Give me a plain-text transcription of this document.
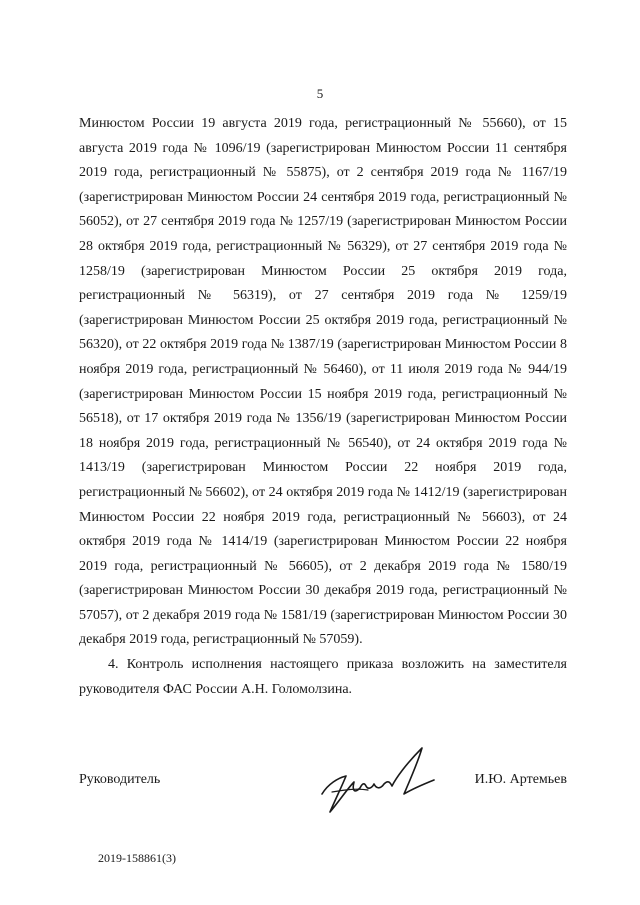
5

Минюстом России 19 августа 2019 года, регистрационный № 55660), от 15 августа 2019 года № 1096/19 (зарегистрирован Минюстом России 11 сентября 2019 года, регистрационный № 55875), от 2 сентября 2019 года № 1167/19 (зарегистрирован Минюстом России 24 сентября 2019 года, регистрационный № 56052), от 27 сентября 2019 года № 1257/19 (зарегистрирован Минюстом России 28 октября 2019 года, регистрационный № 56329), от 27 сентября 2019 года № 1258/19 (зарегистрирован Минюстом России 25 октября 2019 года, регистрационный № 56319), от 27 сентября 2019 года № 1259/19 (зарегистрирован Минюстом России 25 октября 2019 года, регистрационный № 56320), от 22 октября 2019 года № 1387/19 (зарегистрирован Минюстом России 8 ноября 2019 года, регистрационный № 56460), от 11 июля 2019 года № 944/19 (зарегистрирован Минюстом России 15 ноября 2019 года, регистрационный № 56518), от 17 октября 2019 года № 1356/19 (зарегистрирован Минюстом России 18 ноября 2019 года, регистрационный № 56540), от 24 октября 2019 года № 1413/19 (зарегистрирован Минюстом России 22 ноября 2019 года, регистрационный № 56602), от 24 октября 2019 года № 1412/19 (зарегистрирован Минюстом России 22 ноября 2019 года, регистрационный № 56603), от 24 октября 2019 года № 1414/19 (зарегистрирован Минюстом России 22 ноября 2019 года, регистрационный № 56605), от 2 декабря 2019 года № 1580/19 (зарегистрирован Минюстом России 30 декабря 2019 года, регистрационный № 57057), от 2 декабря 2019 года № 1581/19 (зарегистрирован Минюстом России 30 декабря 2019 года, регистрационный № 57059).

4. Контроль исполнения настоящего приказа возложить на заместителя руководителя ФАС России А.Н. Голомолзина.

Руководитель	И.Ю. Артемьев
2019-158861(3)
